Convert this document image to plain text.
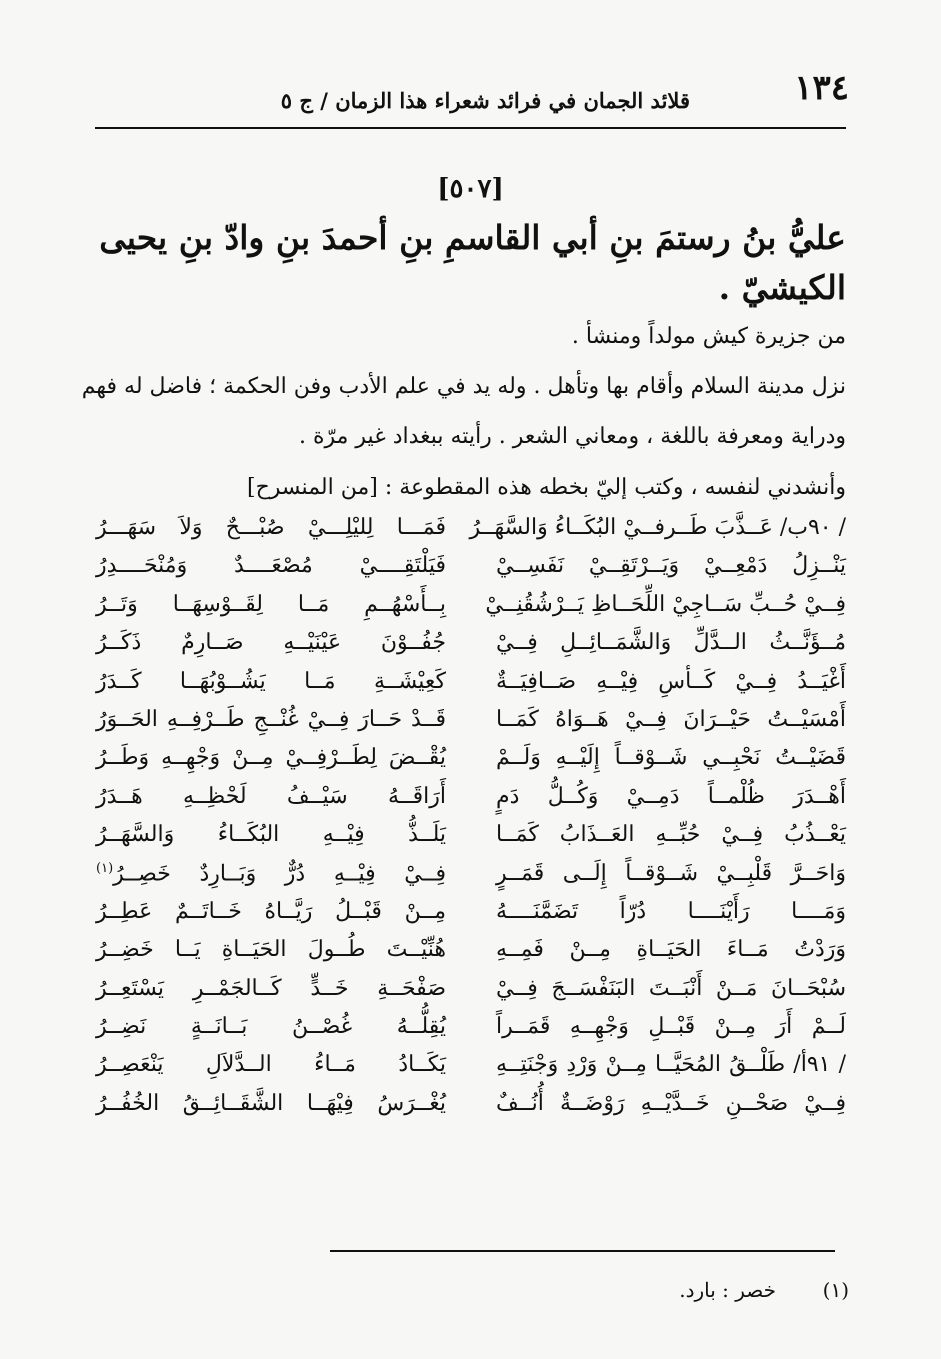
١٣٤
قلائد الجمان في فرائد شعراء هذا الزمان / ج ٥
[٥٠٧]
عليُّ بنُ رستمَ بنِ أبي القاسمِ بنِ أحمدَ بنِ وادّ بنِ يحيى
الكيشيّ .
من جزيرة كيش مولداً ومنشأ .
نزل مدينة السلام وأقام بها وتأهل . وله يد في علم الأدب وفن الحكمة ؛ فاضل له فهم
ودراية ومعرفة باللغة ، ومعاني الشعر . رأيته ببغداد غير مرّة .
وأنشدني لنفسه ، وكتب إليّ بخطه هذه المقطوعة : [من المنسرح]
/ ٩٠ب/ عَــذَّبَ طَــرفــيْ البُكَــاءُ وَالسَّهَــرُ
فَمَـــا لِليْلِـــيْ صُبْـــحٌ وَلاَ سَهَـــرُ
يَنْــزِلُ دَمْعِــيْ وَيَــرْتَقِــيْ نَفَسِــيْ
فَيَلْتَقِــــيْ مُصْعَــــدٌ وَمُنْحَــــدِرُ
فِــيْ حُــبِّ سَــاجِيْ اللِّحَــاظِ يَــرْشُقُنِــيْ
بِــأَسْهُــمِ مَــا لِقَــوْسِهَــا وَتَــرُ
مُــؤَنَّــثُ الــدَّلِّ وَالشَّمَــائِــلِ فِــيْ
جُفُــوْنَ عَيْنَيْــهِ صَــارِمٌ ذَكَــرُ
أَغْيَــدُ فِــيْ كَــأسِ فِيْــهِ صَــافِيَــةٌ
كَعِيْشَــةِ مَــا يَشُــوْبُهَــا كَــدَرُ
أَمْسَيْــتُ حَيْــرَانَ فِــيْ هَــوَاهُ كَمَــا
قَــدْ حَــارَ فِــيْ غُنْــجِ طَــرْفِــهِ الحَــوَرُ
قَضَيْــتُ نَحْبِــي شَــوْقــاً إِلَيْــهِ وَلَــمْ
يُقْــضَ لِطَــرْفِــيْ مِــنْ وَجْهِــهِ وَطَــرُ
أَهْــدَرَ ظُلْمــاً دَمِــيْ وَكُــلُّ دَمٍ
أَرَاقَــهُ سَيْــفُ لَحْظِــهِ هَــدَرُ
يَعْــذُبُ فِــيْ حُبِّــهِ العَــذَابُ كَمَــا
يَلَــذُّ فِيْــهِ البُكَــاءُ وَالسَّهَــرُ
وَاحَــرَّ قَلْبِــيْ شَــوْقــاً إِلَــى قَمَــرٍ
فِــيْ فِيْــهِ دُرٌّ وَبَــارِدٌ خَصِــرُ$^{(١)}$
وَمَــــا رَأَيْنَــــا دُرّاً تَضَمَّنَــــهُ
مِــنْ قَبْــلُ رَيَّــاهُ خَــاتَــمٌ عَطِــرُ
وَرَدْتُ مَــاءَ الحَيَــاةِ مِــنْ فَمِــهِ
هُنِّيْــتَ طُــولَ الحَيَــاةِ يَــا خَضِــرُ
سُبْحَــانَ مَــنْ أَنْبَــتَ البَنَفْسَــجَ فِــيْ
صَفْحَــةِ خَــدٍّ كَــالجَمْــرِ يَسْتَعِــرُ
لَــمْ أَرَ مِــنْ قَبْــلِ وَجْهِــهِ قَمَــراً
يُقِلُّــهُ غُصْــنُ بَــانَــةٍ نَضِــرُ
/ ٩١أ/ طَلْــقُ المُحَيَّــا مِــنْ وَرْدِ وَجْنَتِــهِ
يَكَــادُ مَــاءُ الــدَّلاَلِ يَنْعَصِــرُ
فِــيْ صَحْــنِ خَــدَّيْــهِ رَوْضَــةٌ أُنُــفٌ
يُغْــرَسُ فِيْهَــا الشَّقَــائِــقُ الخُفُــرُ
(١)
خصر : بارد.
